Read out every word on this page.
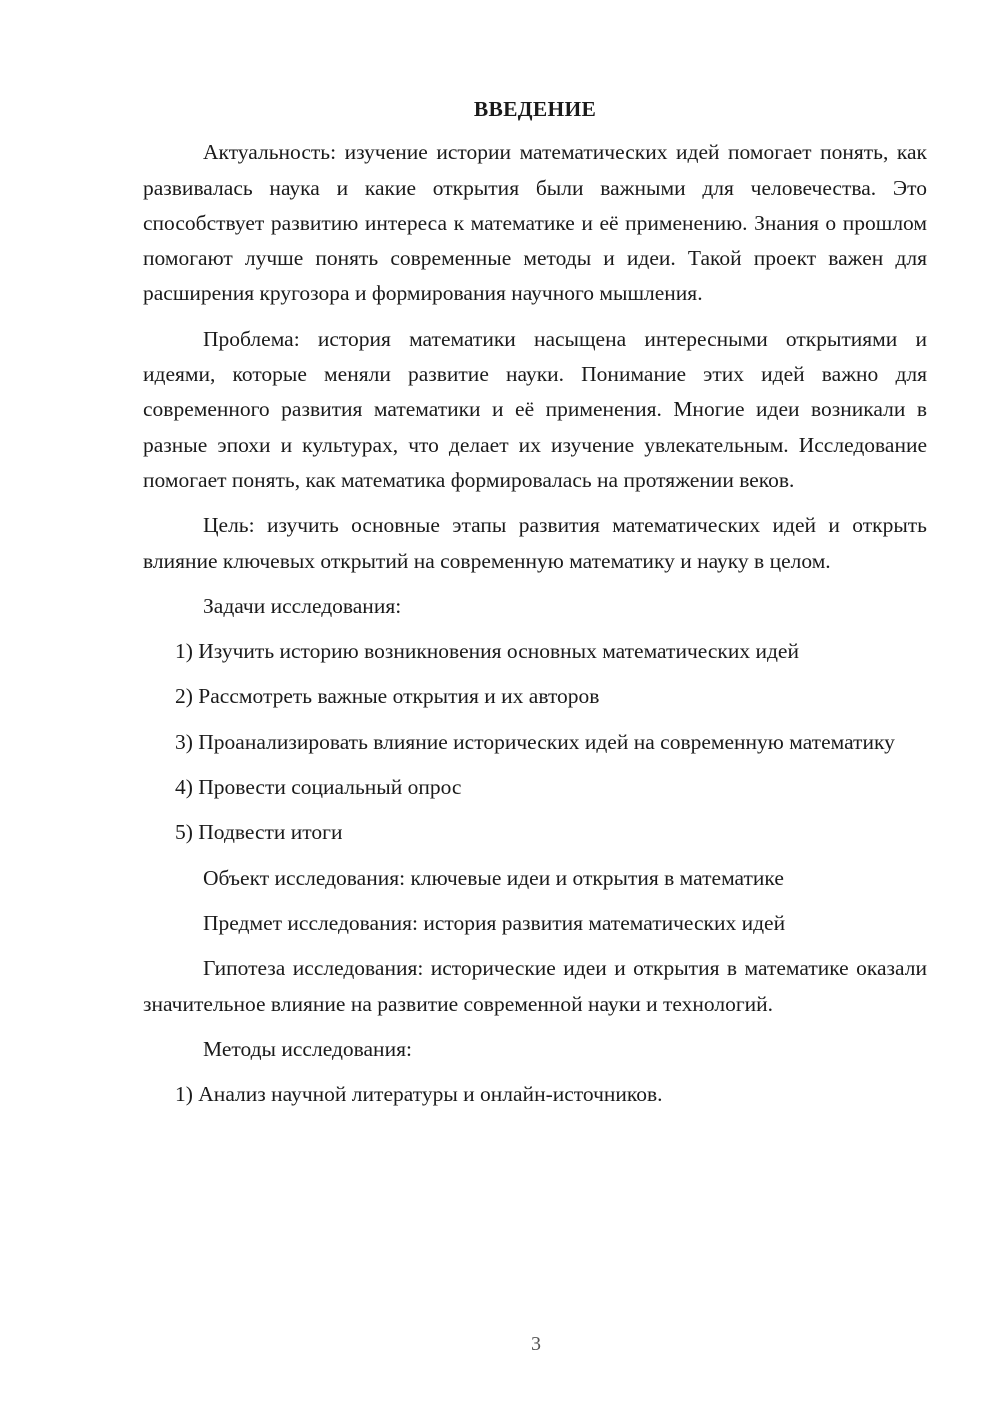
ВВЕДЕНИЕ

Актуальность: изучение истории математических идей помогает понять, как развивалась наука и какие открытия были важными для человечества. Это способствует развитию интереса к математике и её применению. Знания о прошлом помогают лучше понять современные методы и идеи. Такой проект важен для расширения кругозора и формирования научного мышления.

Проблема: история математики насыщена интересными открытиями и идеями, которые меняли развитие науки. Понимание этих идей важно для современного развития математики и её применения. Многие идеи возникали в разные эпохи и культурах, что делает их изучение увлекательным. Исследование помогает понять, как математика формировалась на протяжении веков.

Цель: изучить основные этапы развития математических идей и открыть влияние ключевых открытий на современную математику и науку в целом.

Задачи исследования:

1) Изучить историю возникновения основных математических идей

2) Рассмотреть важные открытия и их авторов

3) Проанализировать влияние исторических идей на современную математику

4) Провести социальный опрос

5) Подвести итоги

Объект исследования: ключевые идеи и открытия в математике

Предмет исследования: история развития математических идей

Гипотеза исследования: исторические идеи и открытия в математике оказали значительное влияние на развитие современной науки и технологий.

Методы исследования:

1) Анализ научной литературы и онлайн-источников.

3
